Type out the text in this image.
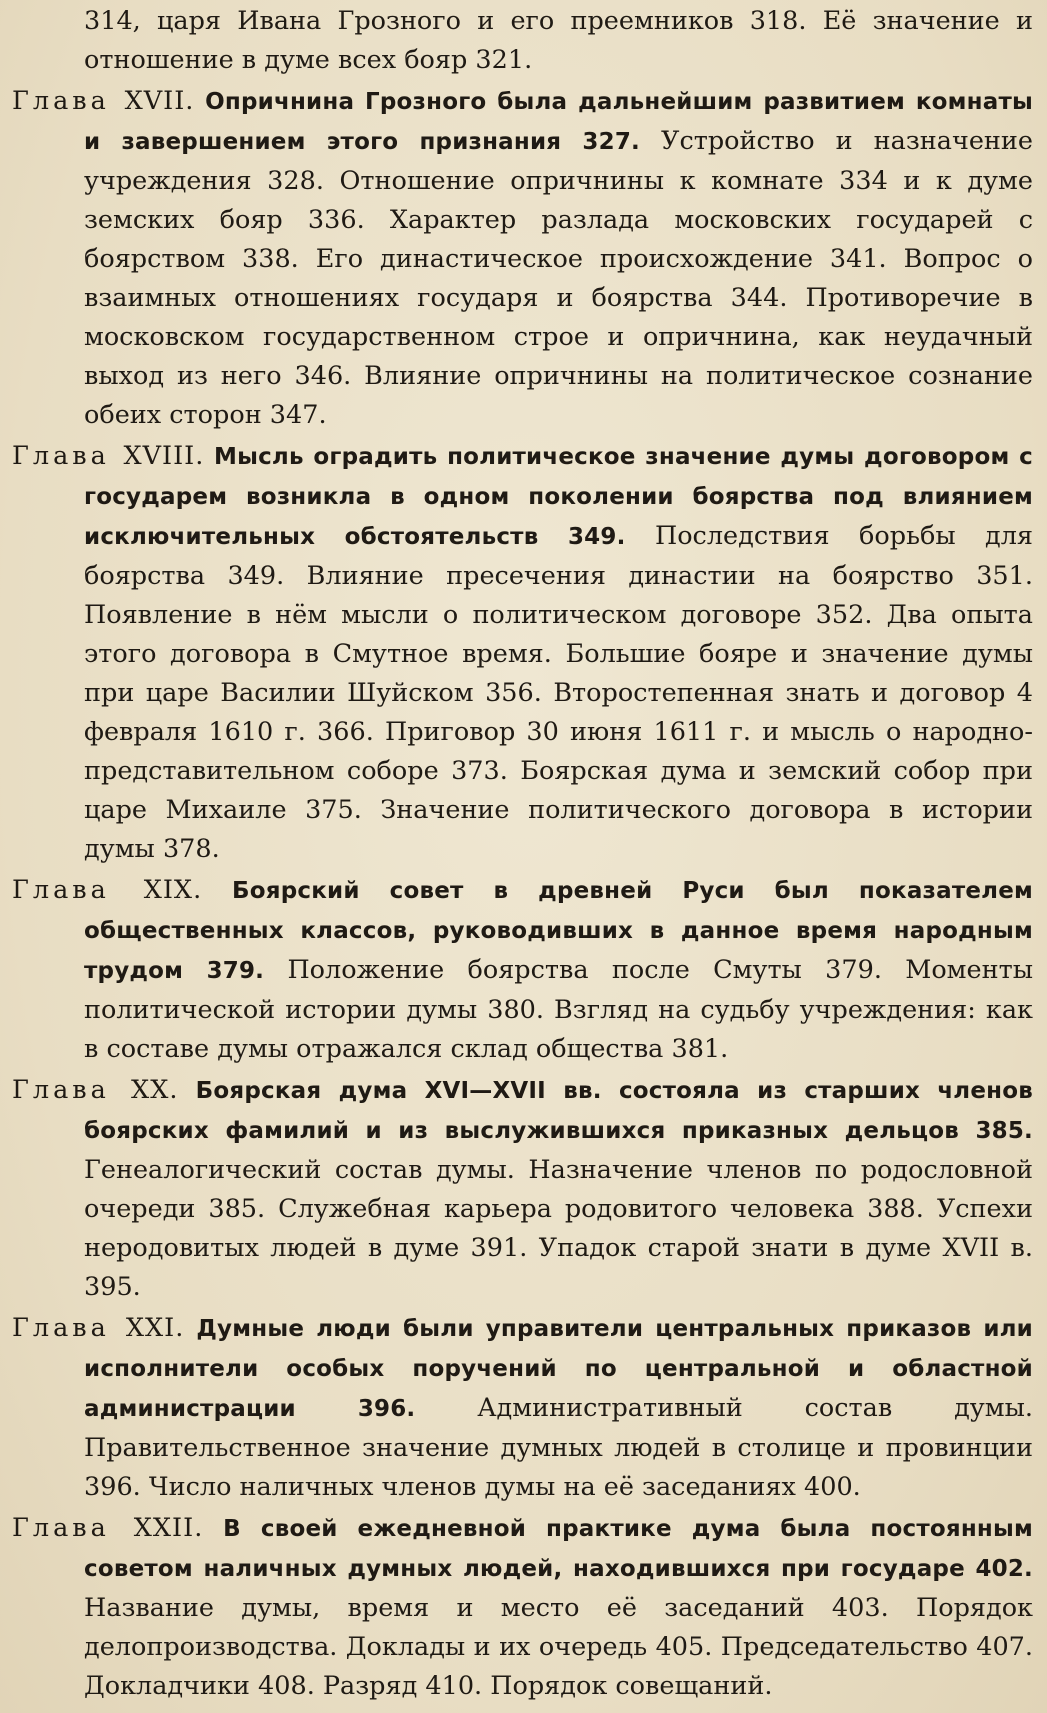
314, царя Ивана Грозного и его преемников 318. Её значение и отношение в думе всех бояр 321.

Глава XVII. Опричнина Грозного была дальнейшим развитием комнаты и завершением этого признания 327. Устройство и назначение учреждения 328. Отношение опричнины к комнате 334 и к думе земских бояр 336. Характер разлада московских государей с боярством 338. Его династическое происхождение 341. Вопрос о взаимных отношениях государя и боярства 344. Противоречие в московском государственном строе и опричнина, как неудачный выход из него 346. Влияние опричнины на политическое сознание обеих сторон 347.

Глава XVIII. Мысль оградить политическое значение думы договором с государем возникла в одном поколении боярства под влиянием исключительных обстоятельств 349. Последствия борьбы для боярства 349. Влияние пресечения династии на боярство 351. Появление в нём мысли о политическом договоре 352. Два опыта этого договора в Смутное время. Большие бояре и значение думы при царе Василии Шуйском 356. Второстепенная знать и договор 4 февраля 1610 г. 366. Приговор 30 июня 1611 г. и мысль о народно-представительном соборе 373. Боярская дума и земский собор при царе Михаиле 375. Значение политического договора в истории думы 378.

Глава XIX. Боярский совет в древней Руси был показателем общественных классов, руководивших в данное время народным трудом 379. Положение боярства после Смуты 379. Моменты политической истории думы 380. Взгляд на судьбу учреждения: как в составе думы отражался склад общества 381.

Глава XX. Боярская дума XVI—XVII вв. состояла из старших членов боярских фамилий и из выслужившихся приказных дельцов 385. Генеалогический состав думы. Назначение членов по родословной очереди 385. Служебная карьера родовитого человека 388. Успехи неродовитых людей в думе 391. Упадок старой знати в думе XVII в. 395.

Глава XXI. Думные люди были управители центральных приказов или исполнители особых поручений по центральной и областной администрации 396. Административный состав думы. Правительственное значение думных людей в столице и провинции 396. Число наличных членов думы на её заседаниях 400.

Глава XXII. В своей ежедневной практике дума была постоянным советом наличных думных людей, находившихся при государе 402. Название думы, время и место её заседаний 403. Порядок делопроизводства. Доклады и их очередь 405. Председательство 407. Докладчики 408. Разряд 410. Порядок совещаний.
